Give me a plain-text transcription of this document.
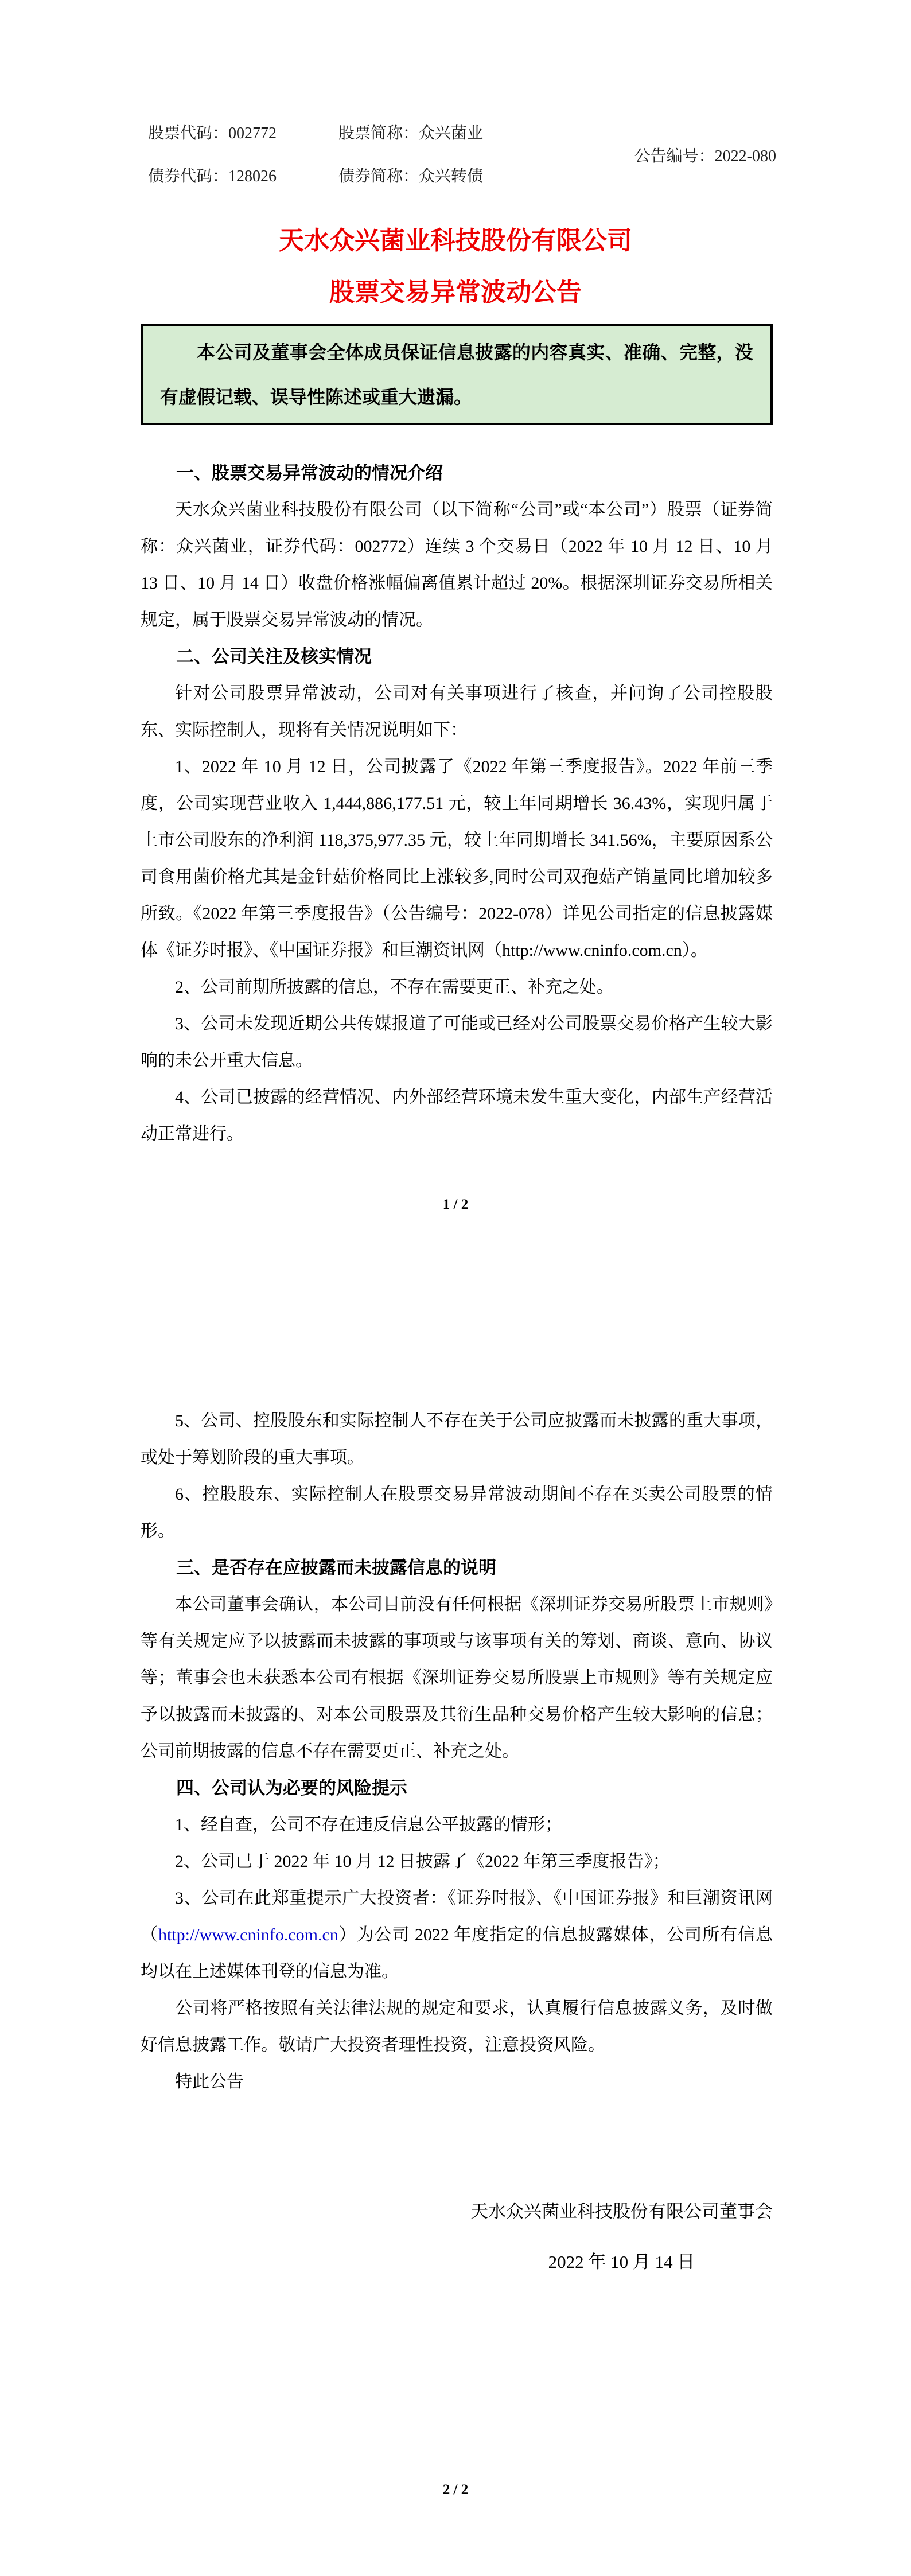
股票代码：002772
债券代码：128026
股票简称：众兴菌业
债券简称：众兴转债
公告编号：2022-080
天水众兴菌业科技股份有限公司
股票交易异常波动公告
本公司及董事会全体成员保证信息披露的内容真实、准确、完整，没有虚假记载、误导性陈述或重大遗漏。
一、股票交易异常波动的情况介绍

天水众兴菌业科技股份有限公司（以下简称“公司”或“本公司”）股票（证券简称：众兴菌业，证券代码：002772）连续 3 个交易日（2022 年 10 月 12 日、10 月 13 日、10 月 14 日）收盘价格涨幅偏离值累计超过 20%。根据深圳证券交易所相关规定，属于股票交易异常波动的情况。

二、公司关注及核实情况

针对公司股票异常波动，公司对有关事项进行了核查，并问询了公司控股股东、实际控制人，现将有关情况说明如下：

1、2022 年 10 月 12 日，公司披露了《2022 年第三季度报告》。2022 年前三季度，公司实现营业收入 1,444,886,177.51 元，较上年同期增长 36.43%，实现归属于上市公司股东的净利润 118,375,977.35 元，较上年同期增长 341.56%，主要原因系公司食用菌价格尤其是金针菇价格同比上涨较多,同时公司双孢菇产销量同比增加较多所致。《2022 年第三季度报告》（公告编号：2022-078）详见公司指定的信息披露媒体《证券时报》、《中国证券报》和巨潮资讯网（http://www.cninfo.com.cn）。

2、公司前期所披露的信息，不存在需要更正、补充之处。

3、公司未发现近期公共传媒报道了可能或已经对公司股票交易价格产生较大影响的未公开重大信息。

4、公司已披露的经营情况、内外部经营环境未发生重大变化，内部生产经营活动正常进行。

1 / 2

5、公司、控股股东和实际控制人不存在关于公司应披露而未披露的重大事项，或处于筹划阶段的重大事项。

6、控股股东、实际控制人在股票交易异常波动期间不存在买卖公司股票的情形。

三、是否存在应披露而未披露信息的说明

本公司董事会确认，本公司目前没有任何根据《深圳证券交易所股票上市规则》等有关规定应予以披露而未披露的事项或与该事项有关的筹划、商谈、意向、协议等；董事会也未获悉本公司有根据《深圳证券交易所股票上市规则》等有关规定应予以披露而未披露的、对本公司股票及其衍生品种交易价格产生较大影响的信息；公司前期披露的信息不存在需要更正、补充之处。

四、公司认为必要的风险提示

1、经自查，公司不存在违反信息公平披露的情形；

2、公司已于 2022 年 10 月 12 日披露了《2022 年第三季度报告》；

3、公司在此郑重提示广大投资者：《证券时报》、《中国证券报》和巨潮资讯网（http://www.cninfo.com.cn）为公司 2022 年度指定的信息披露媒体，公司所有信息均以在上述媒体刊登的信息为准。

公司将严格按照有关法律法规的规定和要求，认真履行信息披露义务，及时做好信息披露工作。敬请广大投资者理性投资，注意投资风险。

特此公告

天水众兴菌业科技股份有限公司董事会
2022 年 10 月 14 日
2 / 2
